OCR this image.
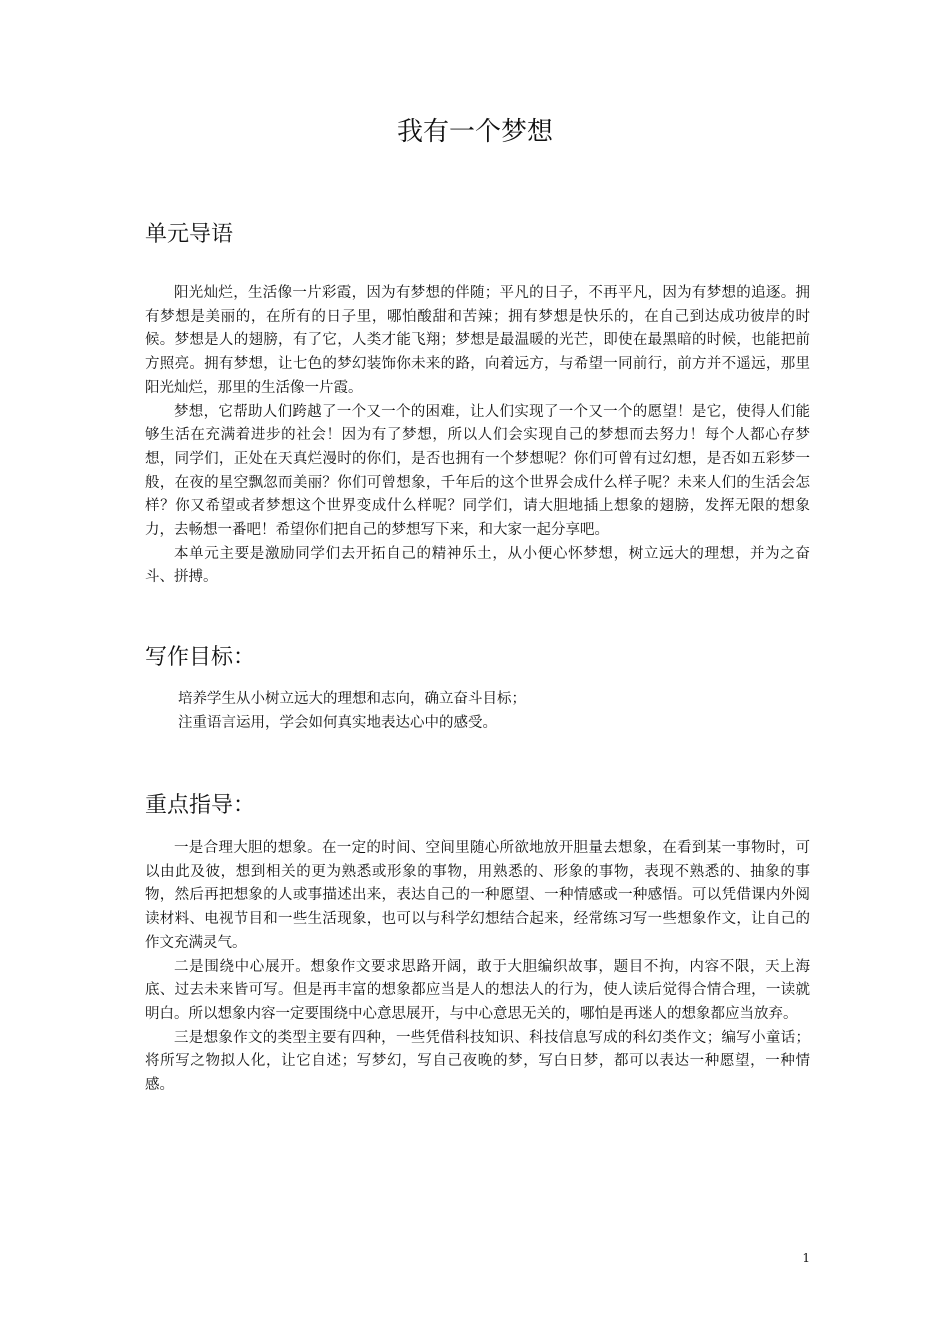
我有一个梦想
单元导语

阳光灿烂，生活像一片彩霞，因为有梦想的伴随；平凡的日子，不再平凡，因为有梦想的追逐。拥有梦想是美丽的，在所有的日子里，哪怕酸甜和苦辣；拥有梦想是快乐的，在自己到达成功彼岸的时候。梦想是人的翅膀，有了它，人类才能飞翔；梦想是最温暖的光芒，即使在最黑暗的时候，也能把前方照亮。拥有梦想，让七色的梦幻装饰你未来的路，向着远方，与希望一同前行，前方并不遥远，那里阳光灿烂，那里的生活像一片霞。

梦想，它帮助人们跨越了一个又一个的困难，让人们实现了一个又一个的愿望！是它，使得人们能够生活在充满着进步的社会！因为有了梦想，所以人们会实现自己的梦想而去努力！每个人都心存梦想，同学们，正处在天真烂漫时的你们，是否也拥有一个梦想呢？你们可曾有过幻想，是否如五彩梦一般，在夜的星空飘忽而美丽？你们可曾想象，千年后的这个世界会成什么样子呢？未来人们的生活会怎样？你又希望或者梦想这个世界变成什么样呢？同学们，请大胆地插上想象的翅膀，发挥无限的想象力，去畅想一番吧！希望你们把自己的梦想写下来，和大家一起分享吧。

本单元主要是激励同学们去开拓自己的精神乐土，从小便心怀梦想，树立远大的理想，并为之奋斗、拼搏。

写作目标：

培养学生从小树立远大的理想和志向，确立奋斗目标；

注重语言运用，学会如何真实地表达心中的感受。

重点指导：

一是合理大胆的想象。在一定的时间、空间里随心所欲地放开胆量去想象，在看到某一事物时，可以由此及彼，想到相关的更为熟悉或形象的事物，用熟悉的、形象的事物，表现不熟悉的、抽象的事物，然后再把想象的人或事描述出来，表达自己的一种愿望、一种情感或一种感悟。可以凭借课内外阅读材料、电视节目和一些生活现象，也可以与科学幻想结合起来，经常练习写一些想象作文，让自己的作文充满灵气。

二是围绕中心展开。想象作文要求思路开阔，敢于大胆编织故事，题目不拘，内容不限，天上海底、过去未来皆可写。但是再丰富的想象都应当是人的想法人的行为，使人读后觉得合情合理，一读就明白。所以想象内容一定要围绕中心意思展开，与中心意思无关的，哪怕是再迷人的想象都应当放弃。

三是想象作文的类型主要有四种，一些凭借科技知识、科技信息写成的科幻类作文；编写小童话；将所写之物拟人化，让它自述；写梦幻，写自己夜晚的梦，写白日梦，都可以表达一种愿望，一种情感。

1
